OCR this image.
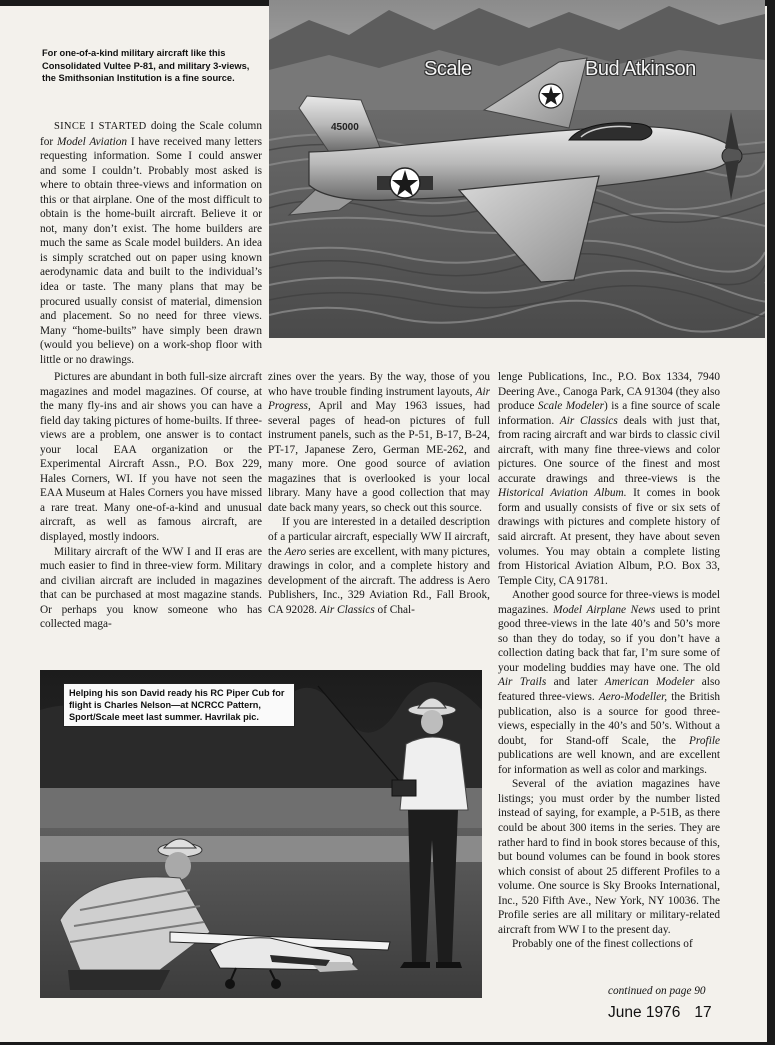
45000
Scale	Bud Atkinson
For one-of-a-kind military aircraft like this Consolidated Vultee P-81, and military 3-views, the Smithsonian Institution is a fine source.

SINCE I STARTED doing the Scale column for Model Aviation I have received many letters requesting information. Some I could answer and some I couldn’t. Probably most asked is where to obtain three-views and information on this or that airplane. One of the most difficult to obtain is the home-built aircraft. Believe it or not, many don’t exist. The home builders are much the same as Scale model builders. An idea is simply scratched out on paper using known aerodynamic data and built to the individual’s idea or taste. The many plans that may be procured usually consist of material, dimension and placement. So no need for three views. Many “home-builts” have simply been drawn (would you believe) on a work-shop floor with little or no drawings.

Pictures are abundant in both full-size aircraft magazines and model magazines. Of course, at the many fly-ins and air shows you can have a field day taking pictures of home-builts. If three-views are a problem, one answer is to contact your local EAA organization or the Experimental Aircraft Assn., P.O. Box 229, Hales Corners, WI. If you have not seen the EAA Museum at Hales Corners you have missed a rare treat. Many one-of-a-kind and unusual aircraft, as well as famous aircraft, are displayed, mostly indoors.

Military aircraft of the WW I and II eras are much easier to find in three-view form. Military and civilian aircraft are included in magazines that can be purchased at most magazine stands. Or perhaps you know someone who has collected maga-

zines over the years. By the way, those of you who have trouble finding instrument layouts, Air Progress, April and May 1963 issues, had several pages of head-on pictures of full instrument panels, such as the P-51, B-17, B-24, PT-17, Japanese Zero, German ME-262, and many more. One good source of aviation magazines that is overlooked is your local library. Many have a good collection that may date back many years, so check out this source.

If you are interested in a detailed description of a particular aircraft, especially WW II aircraft, the Aero series are excellent, with many pictures, drawings in color, and a complete history and development of the aircraft. The address is Aero Publishers, Inc., 329 Aviation Rd., Fall Brook, CA 92028. Air Classics of Chal-

lenge Publications, Inc., P.O. Box 1334, 7940 Deering Ave., Canoga Park, CA 91304 (they also produce Scale Modeler) is a fine source of scale information. Air Classics deals with just that, from racing aircraft and war birds to classic civil aircraft, with many fine three-views and color pictures. One source of the finest and most accurate drawings and three-views is the Historical Aviation Album. It comes in book form and usually consists of five or six sets of drawings with pictures and complete history of said aircraft. At present, they have about seven volumes. You may obtain a complete listing from Historical Aviation Album, P.O. Box 33, Temple City, CA 91781.

Another good source for three-views is model magazines. Model Airplane News used to print good three-views in the late 40’s and 50’s more so than they do today, so if you don’t have a collection dating back that far, I’m sure some of your modeling buddies may have one. The old Air Trails and later American Modeler also featured three-views. Aero-Modeller, the British publication, also is a source for good three-views, especially in the 40’s and 50’s. Without a doubt, for Stand-off Scale, the Profile publications are well known, and are excellent for information as well as color and markings.

Several of the aviation magazines have listings; you must order by the number listed instead of saying, for example, a P-51B, as there could be about 300 items in the series. They are rather hard to find in book stores because of this, but bound volumes can be found in book stores which consist of about 25 different Profiles to a volume. One source is Sky Brooks International, Inc., 520 Fifth Ave., New York, NY 10036. The Profile series are all military or military-related aircraft from WW I to the present day.

Probably one of the finest collections of

Helping his son David ready his RC Piper Cub for flight is Charles Nelson—at NCRCC Pattern, Sport/Scale meet last summer. Havrilak pic.
continued on page 90
June 1976 17
